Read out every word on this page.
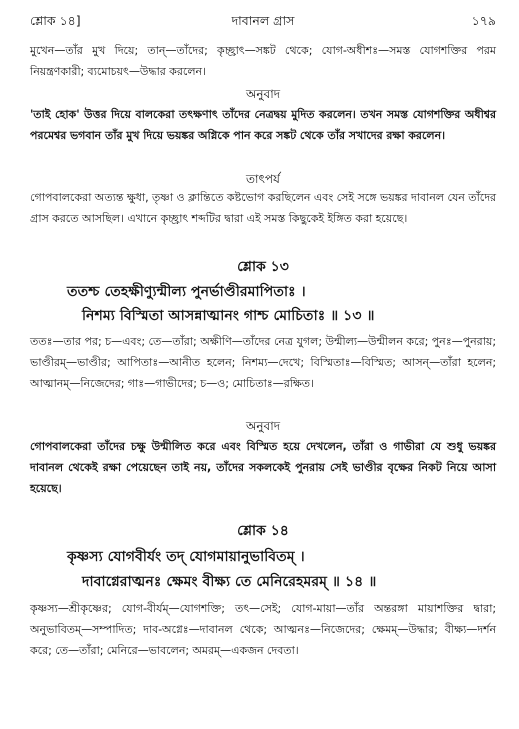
শ্লোক ১৪]	দাবানল গ্রাস	১৭৯

মুখেন—তাঁর মুখ দিয়ে; তান্—তাঁদের; কৃচ্ছ্রাৎ—সঙ্কট থেকে; যোগ-অধীশঃ—সমস্ত যোগশক্তির পরম নিয়ন্ত্রণকারী; ব্যমোচয়ৎ—উদ্ধার করলেন।

অনুবাদ

'তাই হোক' উত্তর দিয়ে বালকেরা তৎক্ষণাৎ তাঁদের নেত্রদ্বয় মুদিত করলেন। তখন সমস্ত যোগশক্তির অধীশ্বর পরমেশ্বর ভগবান তাঁর মুখ দিয়ে ভয়ঙ্কর অগ্নিকে পান করে সঙ্কট থেকে তাঁর সখাদের রক্ষা করলেন।

তাৎপর্য

গোপবালকেরা অত্যন্ত ক্ষুধা, তৃষ্ণা ও ক্লান্তিতে কষ্টভোগ করছিলেন এবং সেই সঙ্গে ভয়ঙ্কর দাবানল যেন তাঁদের গ্রাস করতে আসছিল। এখানে কৃচ্ছ্রাৎ শব্দটির দ্বারা এই সমস্ত কিছুকেই ইঙ্গিত করা হয়েছে।

শ্লোক ১৩

ততশ্চ তেহক্ষীণ্যুন্মীল্য পুনর্ভাণ্ডীরমাপিতাঃ ।

নিশম্য বিস্মিতা আসন্নাত্মানং গাশ্চ মোচিতাঃ ॥ ১৩ ॥

ততঃ—তার পর; চ—এবং; তে—তাঁরা; অক্ষীণি—তাঁদের নেত্র যুগল; উন্মীল্য—উন্মীলন করে; পুনঃ—পুনরায়; ভাণ্ডীরম্—ভাণ্ডীর; আপিতাঃ—আনীত হলেন; নিশম্য—দেখে; বিস্মিতাঃ—বিস্মিত; আসন্—তাঁরা হলেন; আত্মানম্—নিজেদের; গাঃ—গাভীদের; চ—ও; মোচিতাঃ—রক্ষিত।

অনুবাদ

গোপবালকেরা তাঁদের চক্ষু উন্মীলিত করে এবং বিস্মিত হয়ে দেখলেন, তাঁরা ও গাভীরা যে শুধু ভয়ঙ্কর দাবানল থেকেই রক্ষা পেয়েছেন তাই নয়, তাঁদের সকলকেই পুনরায় সেই ভাণ্ডীর বৃক্ষের নিকট নিয়ে আসা হয়েছে।

শ্লোক ১৪

কৃষ্ণস্য যোগবীর্যং তদ্ যোগমায়ানুভাবিতম্ ।

দাবাগ্নেরাত্মনঃ ক্ষেমং বীক্ষ্য তে মেনিরেহমরম্ ॥ ১৪ ॥

কৃষ্ণস্য—শ্রীকৃষ্ণের; যোগ-বীর্যম্—যোগশক্তি; তৎ—সেই; যোগ-মায়া—তাঁর অন্তরঙ্গা মায়াশক্তির দ্বারা; অনুভাবিতম্—সম্পাদিত; দাব-অগ্নেঃ—দাবানল থেকে; আত্মনঃ—নিজেদের; ক্ষেমম্—উদ্ধার; বীক্ষ্য—দর্শন করে; তে—তাঁরা; মেনিরে—ভাবলেন; অমরম্—একজন দেবতা।
